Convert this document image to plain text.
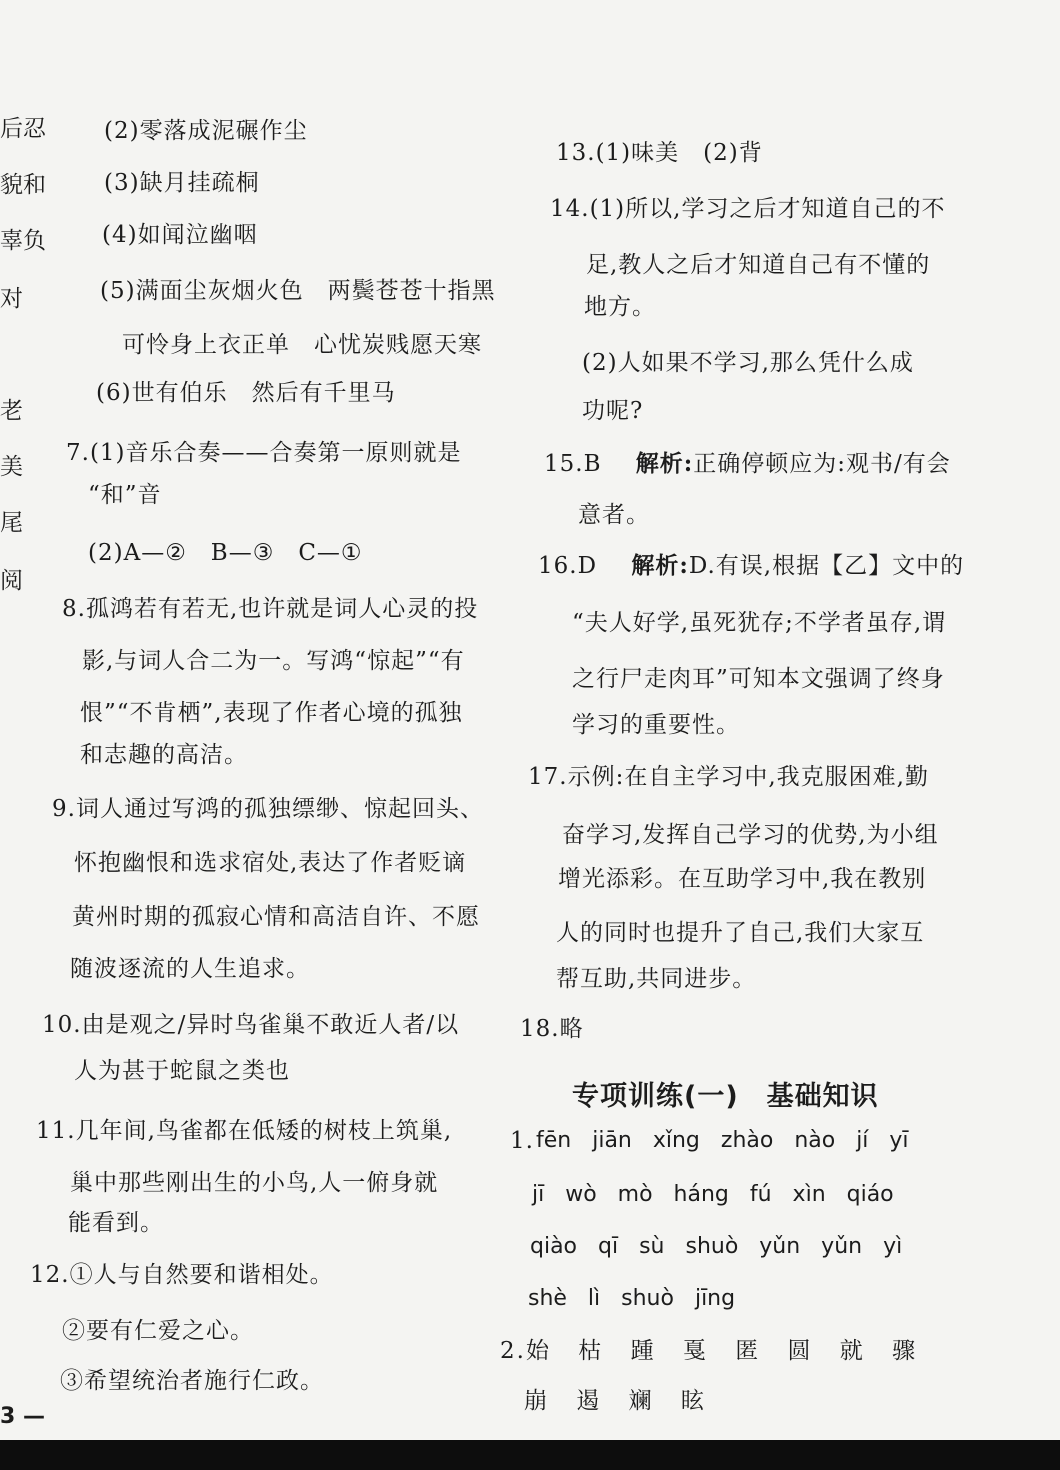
后忍
貌和
辜负
对
老
美
尾
阅
(2)零落成泥碾作尘
(3)缺月挂疏桐
(4)如闻泣幽咽
(5)满面尘灰烟火色　两鬓苍苍十指黑
可怜身上衣正单　心忧炭贱愿天寒
(6)世有伯乐　然后有千里马
7.(1)音乐合奏——合奏第一原则就是
“和”音
(2)A—②　B—③　C—①
8.孤鸿若有若无,也许就是词人心灵的投
影,与词人合二为一。写鸿“惊起”“有
恨”“不肯栖”,表现了作者心境的孤独
和志趣的高洁。
9.词人通过写鸿的孤独缥缈、惊起回头、
怀抱幽恨和选求宿处,表达了作者贬谪
黄州时期的孤寂心情和高洁自许、不愿
随波逐流的人生追求。
10.由是观之/异时鸟雀巢不敢近人者/以
人为甚于蛇鼠之类也
11.几年间,鸟雀都在低矮的树枝上筑巢,
巢中那些刚出生的小鸟,人一俯身就
能看到。
12.①人与自然要和谐相处。
②要有仁爱之心。
③希望统治者施行仁政。
13.(1)味美　(2)背
14.(1)所以,学习之后才知道自己的不
足,教人之后才知道自己有不懂的
地方。
(2)人如果不学习,那么凭什么成
功呢?
15.B 解析:正确停顿应为:观书/有会
意者。
16.D 解析:D.有误,根据【乙】文中的
“夫人好学,虽死犹存;不学者虽存,谓
之行尸走肉耳”可知本文强调了终身
学习的重要性。
17.示例:在自主学习中,我克服困难,勤
奋学习,发挥自己学习的优势,为小组
增光添彩。在互助学习中,我在教别
人的同时也提升了自己,我们大家互
帮互助,共同进步。
18.略
专项训练(一)　基础知识
1. fēn jiān xǐng zhào nào jí yī
jī wò mò háng fú xìn qiáo
qiào qī sù shuò yǔn yǔn yì
shè lì shuò jīng
2.始 枯 踵 戛 匿 圆 就 骤
崩 遏 斓 眩
3 —
